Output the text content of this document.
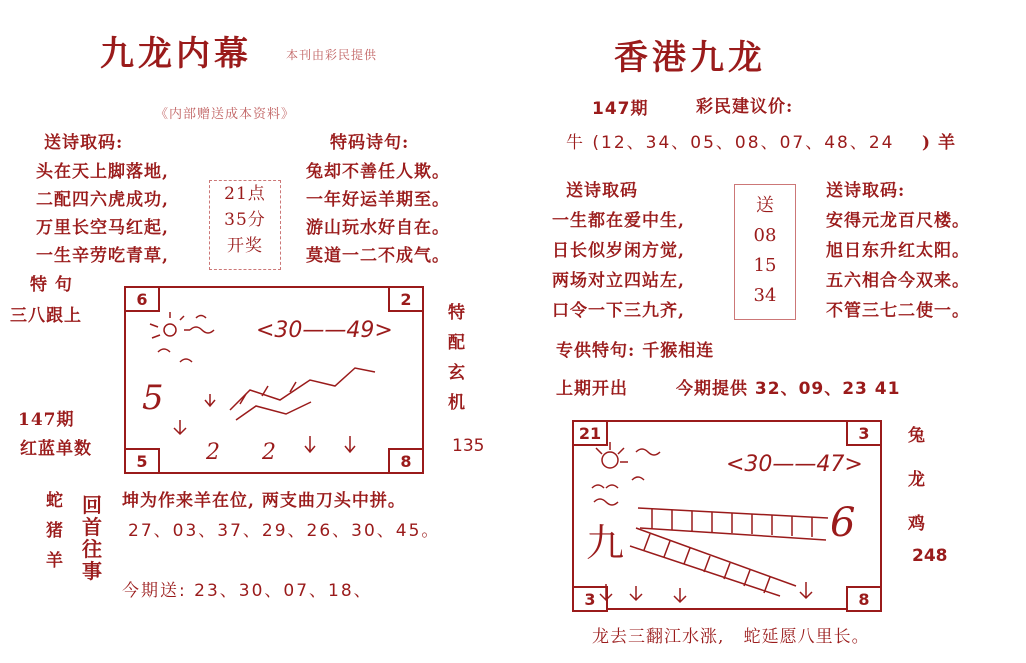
九龙内幕	本刊由彩民提供
《内部赠送成本资料》
送诗取码:
头在天上脚落地,
二配四六虎成功,
万里长空马红起,
一生辛劳吃青草,
21点
35分
开奖
特码诗句:
兔却不善任人欺。
一年好运羊期至。
游山玩水好自在。
莫道一二不成气。
特 句
三八跟上
147期
红蓝单数
特
配
玄
机
135
6	2
5	8
<30——49>
5
2 2
蛇
猪
羊
回
首
往
事
坤为作来羊在位, 两支曲刀头中拼。
27、03、37、29、26、30、45。
今期送: 23、30、07、18、
香港九龙
147期	彩民建议价:
牛 (12、34、05、08、07、48、24 ) 羊
送诗取码
一生都在爱中生,
日长似岁闲方觉,
两场对立四站左,
口令一下三九齐,
送
08
15
34
送诗取码:
安得元龙百尺楼。
旭日东升红太阳。
五六相合今双来。
不管三七二使一。
专供特句: 千猴相连
上期开出	今期提供 32、09、23 41
21	3
3	8
<30——47>
九	6
兔
龙
鸡
248
龙去三翻江水涨,   蛇延愿八里长。
